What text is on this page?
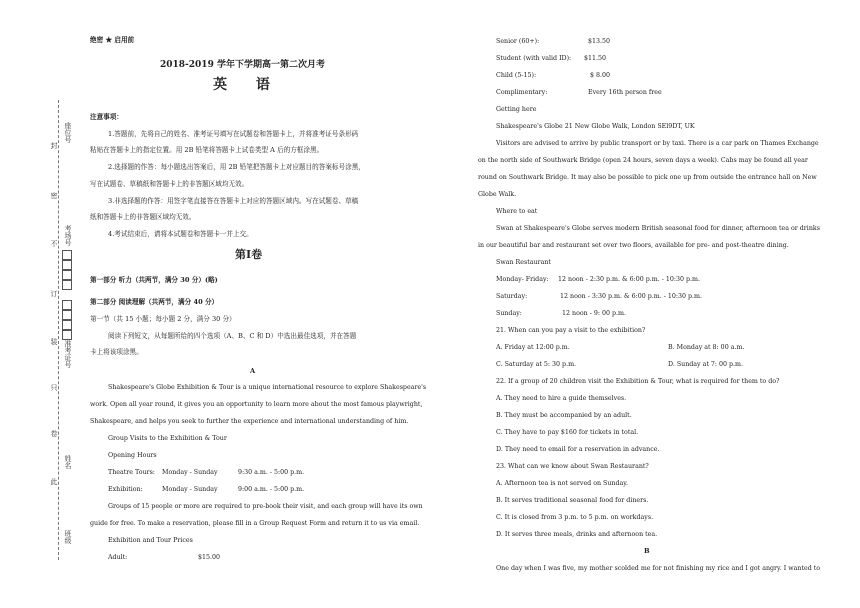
封
座位号
密
不 考场号
订
装 准考证号
只
卷
姓名
此
班级
绝密 ★ 启用前
2018-2019 学年下学期高一第二次月考
英 语
注意事项：
1.答题前，先将自己的姓名、准考证号填写在试题卷和答题卡上，并将准考证号条形码
粘贴在答题卡上的指定位置。用 2B 铅笔将答题卡上试卷类型 A 后的方框涂黑。
2.选择题的作答：每小题选出答案后，用 2B 铅笔把答题卡上对应题目的答案标号涂黑，
写在试题卷、草稿纸和答题卡上的非答题区域均无效。
3.非选择题的作答：用签字笔直接答在答题卡上对应的答题区域内。写在试题卷、草稿
纸和答题卡上的非答题区域均无效。
4.考试结束后，请将本试题卷和答题卡一并上交。
第Ⅰ卷
第一部分 听力（共两节，满分 30 分）(略)
第二部分 阅读理解（共两节，满分 40 分）
第一节（共 15 小题；每小题 2 分，满分 30 分）
阅读下列短文，从每题所给的四个选项（A、B、C 和 D）中选出最佳选项，并在答题
卡上将该项涂黑。
A
Shakespeare's Globe Exhibition & Tour is a unique international resource to explore Shakespeare's
work. Open all year round, it gives you an opportunity to learn more about the most famous playwright,
Shakespeare, and helps you seek to further the experience and international understanding of him.
Group Visits to the Exhibition & Tour
Opening Hours
Theatre Tours: Monday - Sunday	9:30 a.m. - 5:00 p.m.
Exhibition:	Monday - Sunday	9:00 a.m. - 5:00 p.m.
Groups of 15 people or more are required to pre-book their visit, and each group will have its own
guide for free. To make a reservation, please fill in a Group Request Form and return it to us via email.
Exhibition and Tour Prices
Adult:	$15.00
Senior (60+):	$13.50
Student (with valid ID): $11.50
Child (5-15):	$ 8.00
Complimentary:	Every 16th person free
Getting here
Shakespeare's Globe 21 New Globe Walk, London SEl9DT, UK
Visitors are advised to arrive by public transport or by taxi. There is a car park on Thames Exchange
on the north side of Southwark Bridge (open 24 hours, seven days a week). Cabs may be found all year
round on Southwark Bridge. It may also be possible to pick one up from outside the entrance hall on New
Globe Walk.
Where to eat
Swan at Shakespeare's Globe serves modern British seasonal food for dinner, afternoon tea or drinks
in our beautiful bar and restaurant set over two floors, available for pre- and post-theatre dining.
Swan Restaurant
Monday- Friday: 12 noon - 2:30 p.m. & 6:00 p.m. - 10:30 p.m.
Saturday:	12 noon - 3:30 p.m. & 6:00 p.m. - 10:30 p.m.
Sunday:	12 noon - 9: 00 p.m.
21. When can you pay a visit to the exhibition?
A. Friday at 12:00 p.m.	B. Monday at 8: 00 a.m.
C. Saturday at 5: 30 p.m.	D. Sunday at 7: 00 p.m.
22. If a group of 20 children visit the Exhibition & Tour, what is required for them to do?
A. They need to hire a guide themselves.
B. They must be accompanied by an adult.
C. They have to pay $160 for tickets in total.
D. They need to email for a reservation in advance.
23. What can we know about Swan Restaurant?
A. Afternoon tea is not served on Sunday.
B. It serves traditional seasonal food for diners.
C. It is closed from 3 p.m. to 5 p.m. on workdays.
D. It serves three meals, drinks and afternoon tea.
B
One day when I was five, my mother scolded me for not finishing my rice and I got angry. I wanted to
